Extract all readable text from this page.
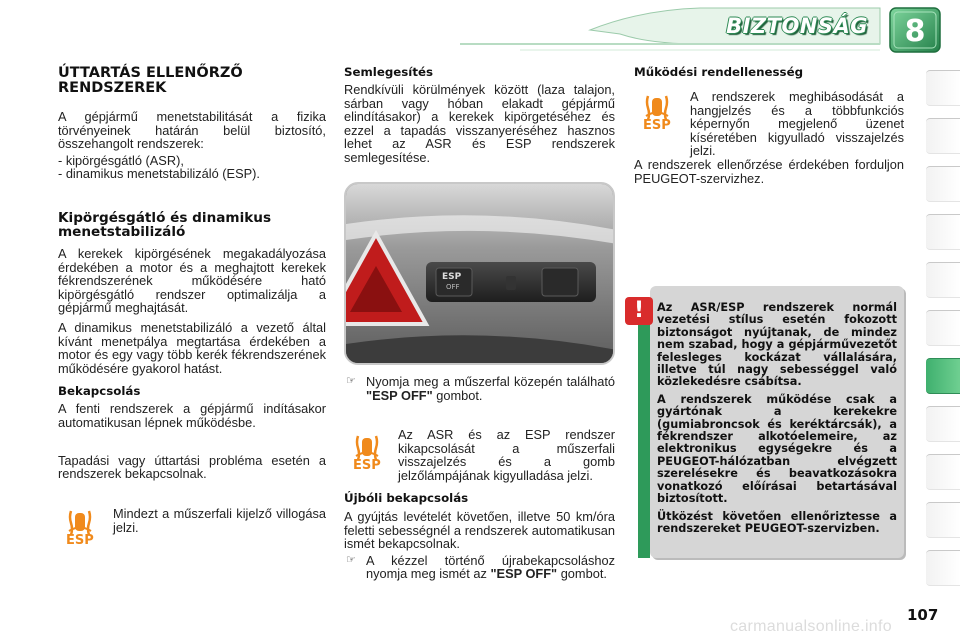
BIZTONSÁG 8
ÚTTARTÁS ELLENŐRZŐ RENDSZEREK

A gépjármű menetstabilitását a fizika törvényeinek határán belül biztosító, összehangolt rendszerek:

- kipörgésgátló (ASR),
- dinamikus menetstabilizáló (ESP).
Kipörgésgátló és dinamikus menetstabilizáló

A kerekek kipörgésének megakadályozása érdekében a motor és a meghajtott kerekek fékrendszerének működésére ható kipörgésgátló rendszer optimalizálja a gépjármű meghajtását.

A dinamikus menetstabilizáló a vezető által kívánt menetpálya megtartása érdekében a motor és egy vagy több kerék fékrendszerének működésére gyakorol hatást.

Bekapcsolás

A fenti rendszerek a gépjármű indításakor automatikusan lépnek működésbe.

Tapadási vagy úttartási probléma esetén a rendszerek bekapcsolnak.

ESP

Mindezt a műszerfali kijelző villogása jelzi.

Semlegesítés

Rendkívüli körülmények között (laza talajon, sárban vagy hóban elakadt gépjármű elindításakor) a kerekek kipörgetéséhez és ezzel a tapadás visszanyeréséhez hasznos lehet az ASR és ESP rendszerek semlegesítése.

ESP
OFF

☞ Nyomja meg a műszerfal közepén található "ESP OFF" gombot.

ESP

Az ASR és az ESP rendszer kikapcsolását a műszerfali visszajelzés és a gomb jelzőlámpájának kigyulladása jelzi.

Újbóli bekapcsolás

A gyújtás levételét követően, illetve 50 km/óra feletti sebességnél a rendszerek automatikusan ismét bekapcsolnak.

☞ A kézzel történő újrabekapcsoláshoz nyomja meg ismét az "ESP OFF" gombot.

Működési rendellenesség
ESP

A rendszerek meghibásodását a hangjelzés és a többfunkciós képernyőn megjelenő üzenet kíséretében kigyulladó visszajelzés jelzi.

A rendszerek ellenőrzése érdekében forduljon PEUGEOT-szervizhez.

!	Az ASR/ESP rendszerek normál vezetési stílus esetén fokozott biztonságot nyújtanak, de mindez nem szabad, hogy a gépjárművezetőt felesleges kockázat vállalására, illetve túl nagy sebességgel való közlekedésre csábítsa.

A rendszerek működése csak a gyártónak a kerekekre (gumiabroncsok és keréktárcsák), a fékrendszer alkotóelemeire, az elektronikus egységekre és a PEUGEOT-hálózatban elvégzett szerelésekre és beavatkozásokra vonatkozó előírásai betartásával biztosított.

Ütközést követően ellenőriztesse a rendszereket PEUGEOT-szervizben.

107
carmanualsonline.info
